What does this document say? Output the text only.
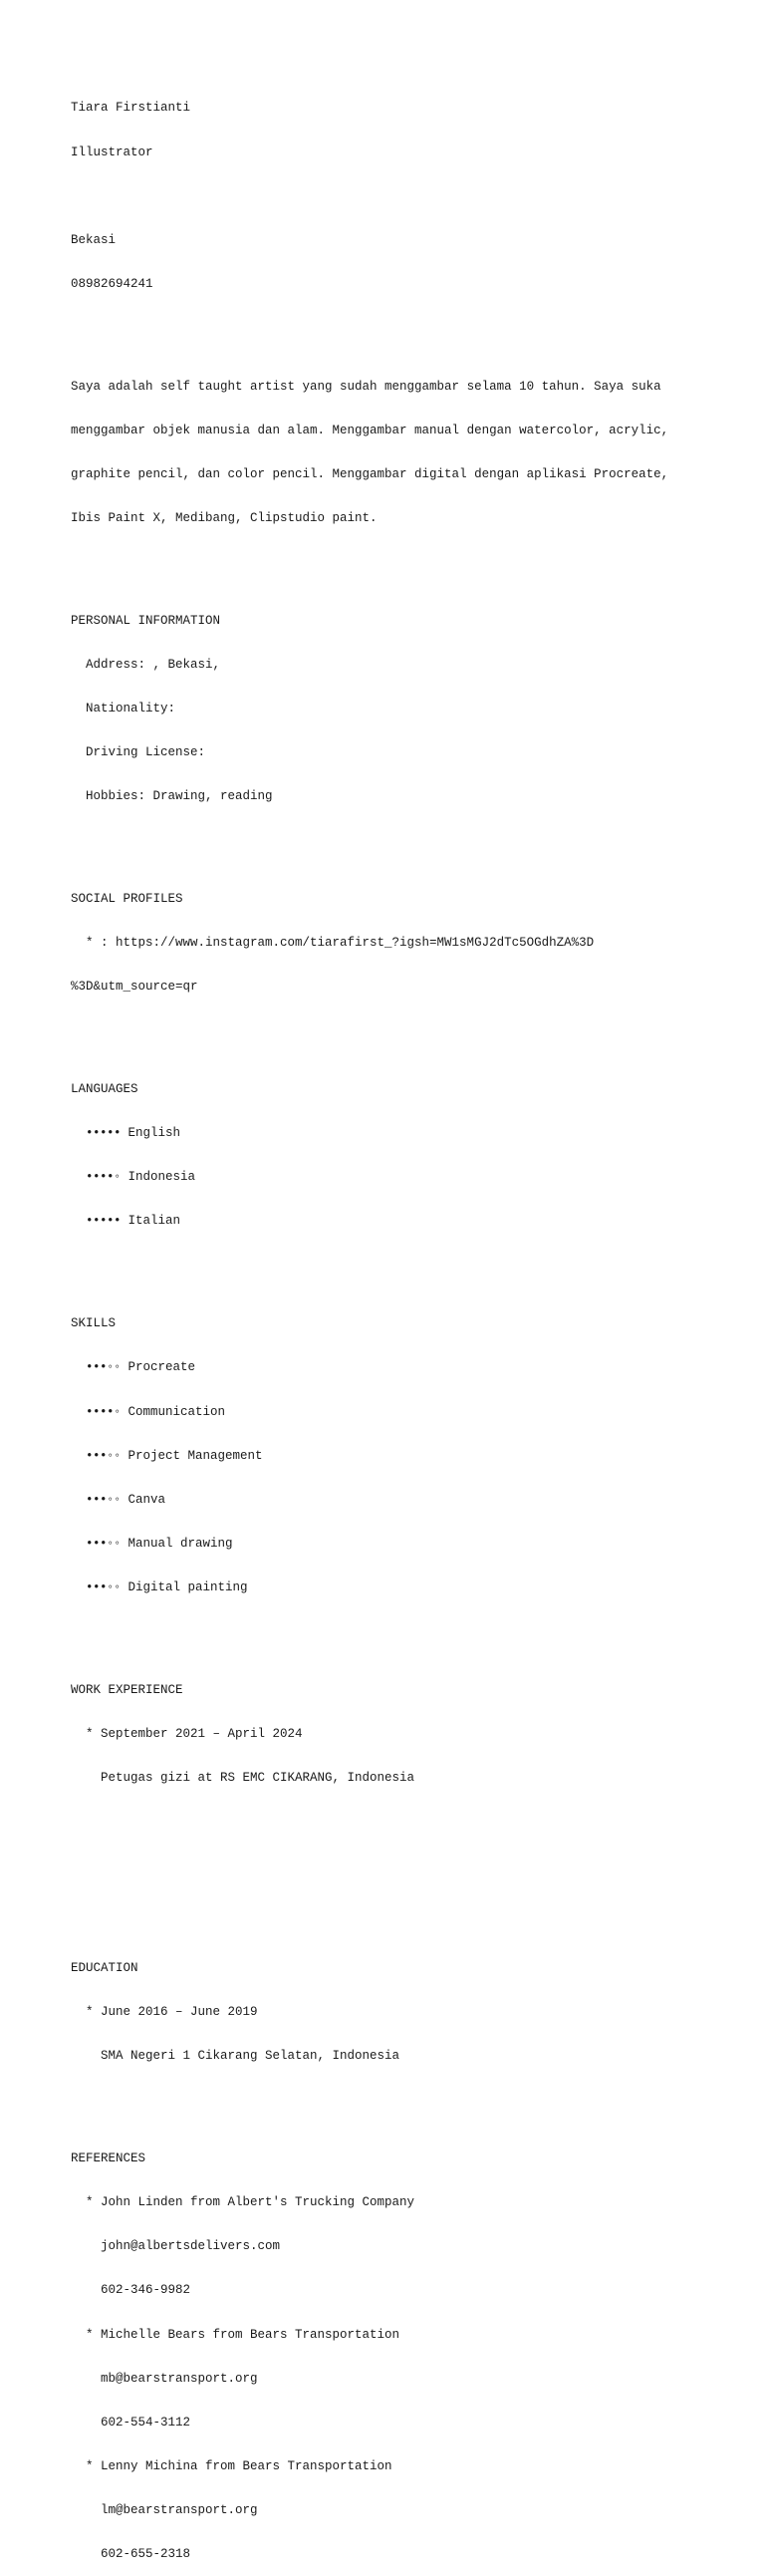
Tiara Firstianti

Illustrator

Bekasi

08982694241

Saya adalah self taught artist yang sudah menggambar selama 10 tahun. Saya suka

menggambar objek manusia dan alam. Menggambar manual dengan watercolor, acrylic,

graphite pencil, dan color pencil. Menggambar digital dengan aplikasi Procreate,

Ibis Paint X, Medibang, Clipstudio paint.

PERSONAL INFORMATION

Address: , Bekasi,

Nationality:

Driving License:

Hobbies: Drawing, reading

SOCIAL PROFILES

* : https://www.instagram.com/tiarafirst_?igsh=MW1sMGJ2dTc5OGdhZA%3D

%3D&utm_source=qr

LANGUAGES

••••• English

••••◦ Indonesia

••••• Italian

SKILLS

•••◦◦ Procreate

••••◦ Communication

•••◦◦ Project Management

•••◦◦ Canva

•••◦◦ Manual drawing

•••◦◦ Digital painting

WORK EXPERIENCE

* September 2021 – April 2024

Petugas gizi at RS EMC CIKARANG, Indonesia

EDUCATION

* June 2016 – June 2019

SMA Negeri 1 Cikarang Selatan, Indonesia

REFERENCES

* John Linden from Albert's Trucking Company

john@albertsdelivers.com

602-346-9982

* Michelle Bears from Bears Transportation

mb@bearstransport.org

602-554-3112

* Lenny Michina from Bears Transportation

lm@bearstransport.org

602-655-2318
